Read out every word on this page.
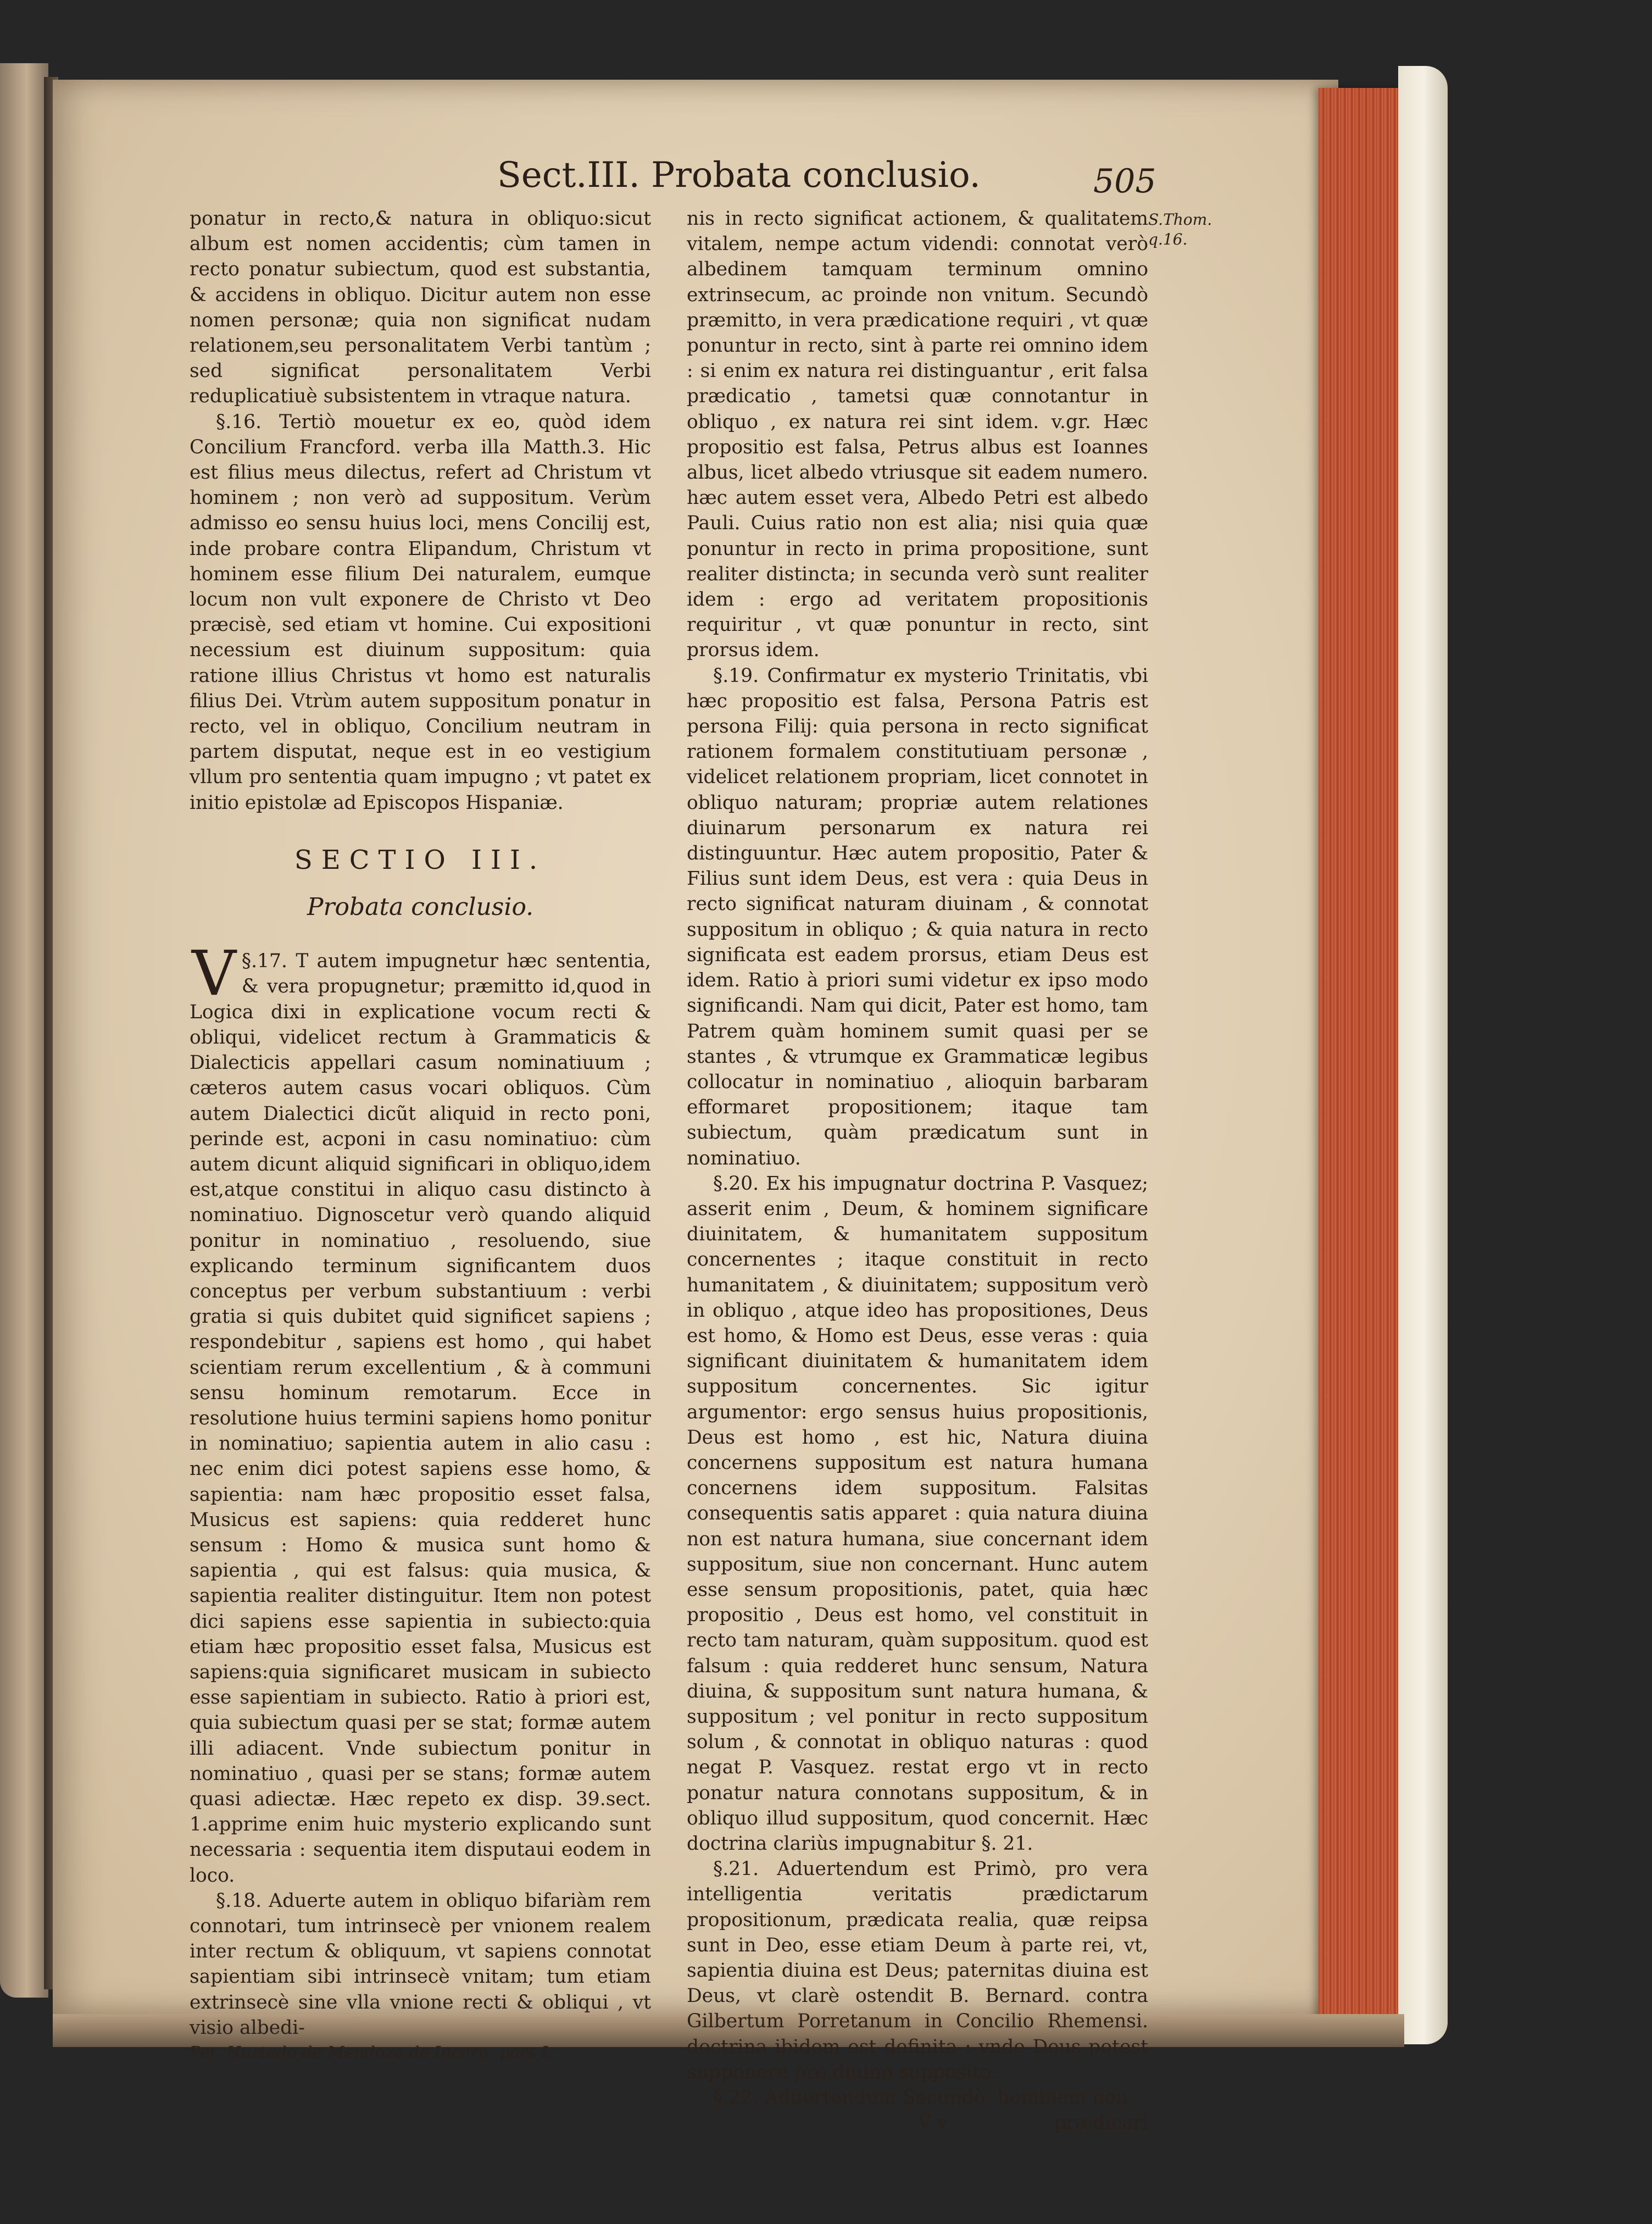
Sect.III. Probata conclusio.	505
S.Thom. q.16.

ponatur in recto,& natura in obliquo:sicut album est nomen accidentis; cùm tamen in recto ponatur subiectum, quod est substantia, & accidens in obliquo. Dicitur autem non esse nomen personæ; quia non significat nudam relationem,seu personalitatem Verbi tantùm ; sed significat personalitatem Verbi reduplicatiuè subsistentem in vtraque natura.

§.16. Tertiò mouetur ex eo, quòd idem Concilium Francford. verba illa Matth.3. Hic est filius meus dilectus, refert ad Christum vt hominem ; non verò ad suppositum. Verùm admisso eo sensu huius loci, mens Concilij est, inde probare contra Elipandum, Christum vt hominem esse filium Dei naturalem, eumque locum non vult exponere de Christo vt Deo præcisè, sed etiam vt homine. Cui expositioni necessium est diuinum suppositum: quia ratione illius Christus vt homo est naturalis filius Dei. Vtrùm autem suppositum ponatur in recto, vel in obliquo, Concilium neutram in partem disputat, neque est in eo vestigium vllum pro sententia quam impugno ; vt patet ex initio epistolæ ad Episcopos Hispaniæ.

SECTIO III.
Probata conclusio.

§.17.
V	T autem impugnetur hæc sententia, & vera propugnetur; præmitto id,quod in Logica dixi in explicatione vocum recti & obliqui, videlicet rectum à Grammaticis & Dialecticis appellari casum nominatiuum ; cæteros autem casus vocari obliquos. Cùm autem Dialectici dicũt aliquid in recto poni, perinde est, acponi in casu nominatiuo: cùm autem dicunt aliquid significari in obliquo,idem est,atque constitui in aliquo casu distincto à nominatiuo. Dignoscetur verò quando aliquid ponitur in nominatiuo , resoluendo, siue explicando terminum significantem duos conceptus per verbum substantiuum : verbi gratia si quis dubitet quid significet sapiens ; respondebitur , sapiens est homo , qui habet scientiam rerum excellentium , & à communi sensu hominum remotarum. Ecce in resolutione huius termini sapiens homo ponitur in nominatiuo; sapientia autem in alio casu : nec enim dici potest sapiens esse homo, & sapientia: nam hæc propositio esset falsa, Musicus est sapiens: quia redderet hunc sensum : Homo & musica sunt homo & sapientia , qui est falsus: quia musica, & sapientia realiter distinguitur. Item non potest dici sapiens esse sapientia in subiecto:quia etiam hæc propositio esset falsa, Musicus est sapiens:quia significaret musicam in subiecto esse sapientiam in subiecto. Ratio à priori est, quia subiectum quasi per se stat; formæ autem illi adiacent. Vnde subiectum ponitur in nominatiuo , quasi per se stans; formæ autem quasi adiectæ. Hæc repeto ex disp. 39.sect. 1.apprime enim huic mysterio explicando sunt necessaria : sequentia item disputaui eodem in loco.

§.18. Aduerte autem in obliquo bifariàm rem connotari, tum intrinsecè per vnionem realem inter rectum & obliquum, vt sapiens connotat sapientiam sibi intrinsecè vnitam; tum etiam extrinsecè sine vlla vnione recti & obliqui , vt visio albedi-

Pet. Hurtado de Mendoza de Incarn. pars I.

nis in recto significat actionem, & qualitatem vitalem, nempe actum videndi: connotat verò albedinem tamquam terminum omnino extrinsecum, ac proinde non vnitum. Secundò præmitto, in vera prædicatione requiri , vt quæ ponuntur in recto, sint à parte rei omnino idem : si enim ex natura rei distinguantur , erit falsa prædicatio , tametsi quæ connotantur in obliquo , ex natura rei sint idem. v.gr. Hæc propositio est falsa, Petrus albus est Ioannes albus, licet albedo vtriusque sit eadem numero. hæc autem esset vera, Albedo Petri est albedo Pauli. Cuius ratio non est alia; nisi quia quæ ponuntur in recto in prima propositione, sunt realiter distincta; in secunda verò sunt realiter idem : ergo ad veritatem propositionis requiritur , vt quæ ponuntur in recto, sint prorsus idem.

§.19. Confirmatur ex mysterio Trinitatis, vbi hæc propositio est falsa, Persona Patris est persona Filij: quia persona in recto significat rationem formalem constitutiuam personæ , videlicet relationem propriam, licet connotet in obliquo naturam; propriæ autem relationes diuinarum personarum ex natura rei distinguuntur. Hæc autem propositio, Pater & Filius sunt idem Deus, est vera : quia Deus in recto significat naturam diuinam , & connotat suppositum in obliquo ; & quia natura in recto significata est eadem prorsus, etiam Deus est idem. Ratio à priori sumi videtur ex ipso modo significandi. Nam qui dicit, Pater est homo, tam Patrem quàm hominem sumit quasi per se stantes , & vtrumque ex Grammaticæ legibus collocatur in nominatiuo , alioquin barbaram efformaret propositionem; itaque tam subiectum, quàm prædicatum sunt in nominatiuo.

§.20. Ex his impugnatur doctrina P. Vasquez; asserit enim , Deum, & hominem significare diuinitatem, & humanitatem suppositum concernentes ; itaque constituit in recto humanitatem , & diuinitatem; suppositum verò in obliquo , atque ideo has propositiones, Deus est homo, & Homo est Deus, esse veras : quia significant diuinitatem & humanitatem idem suppositum concernentes. Sic igitur argumentor: ergo sensus huius propositionis, Deus est homo , est hic, Natura diuina concernens suppositum est natura humana concernens idem suppositum. Falsitas consequentis satis apparet : quia natura diuina non est natura humana, siue concernant idem suppositum, siue non concernant. Hunc autem esse sensum propositionis, patet, quia hæc propositio , Deus est homo, vel constituit in recto tam naturam, quàm suppositum. quod est falsum : quia redderet hunc sensum, Natura diuina, & suppositum sunt natura humana, & suppositum ; vel ponitur in recto suppositum solum , & connotat in obliquo naturas : quod negat P. Vasquez. restat ergo vt in recto ponatur natura connotans suppositum, & in obliquo illud suppositum, quod concernit. Hæc doctrina clariùs impugnabitur §. 21.

§.21. Aduertendum est Primò, pro vera intelligentia veritatis prædictarum propositionum, prædicata realia, quæ reipsa sunt in Deo, esse etiam Deum à parte rei, vt, sapientia diuina est Deus; paternitas diuina est Deus, vt clarè ostendit B. Bernard. contra Gilbertum Porretanum in Concilio Rhemensi. doctrina ibidem est definita : vnde Deus potest supponere pro diuino supposito.

§.22. Aduertendum Secundò, hominem non

V v	prædicari
